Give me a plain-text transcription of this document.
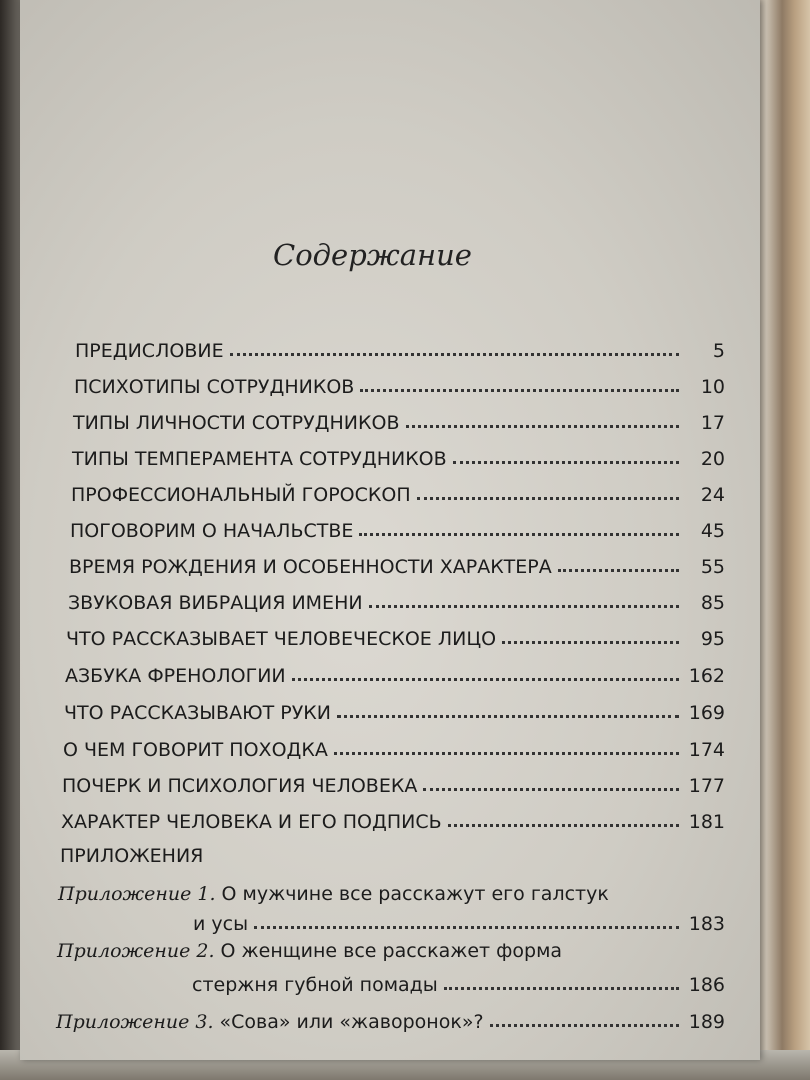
Содержание
ПРЕДИСЛОВИЕ	5
ПСИХОТИПЫ СОТРУДНИКОВ	10
ТИПЫ ЛИЧНОСТИ СОТРУДНИКОВ	17
ТИПЫ ТЕМПЕРАМЕНТА СОТРУДНИКОВ	20
ПРОФЕССИОНАЛЬНЫЙ ГОРОСКОП	24
ПОГОВОРИМ О НАЧАЛЬСТВЕ	45
ВРЕМЯ РОЖДЕНИЯ И ОСОБЕННОСТИ ХАРАКТЕРА	55
ЗВУКОВАЯ ВИБРАЦИЯ ИМЕНИ	85
ЧТО РАССКАЗЫВАЕТ ЧЕЛОВЕЧЕСКОЕ ЛИЦО	95
АЗБУКА ФРЕНОЛОГИИ	162
ЧТО РАССКАЗЫВАЮТ РУКИ	169
О ЧЕМ ГОВОРИТ ПОХОДКА	174
ПОЧЕРК И ПСИХОЛОГИЯ ЧЕЛОВЕКА	177
ХАРАКТЕР ЧЕЛОВЕКА И ЕГО ПОДПИСЬ	181
ПРИЛОЖЕНИЯ
Приложение 1. О мужчине все расскажут его галстук
и усы	183
Приложение 2. О женщине все расскажет форма
стержня губной помады	186
Приложение 3. «Сова» или «жаворонок»?	189
